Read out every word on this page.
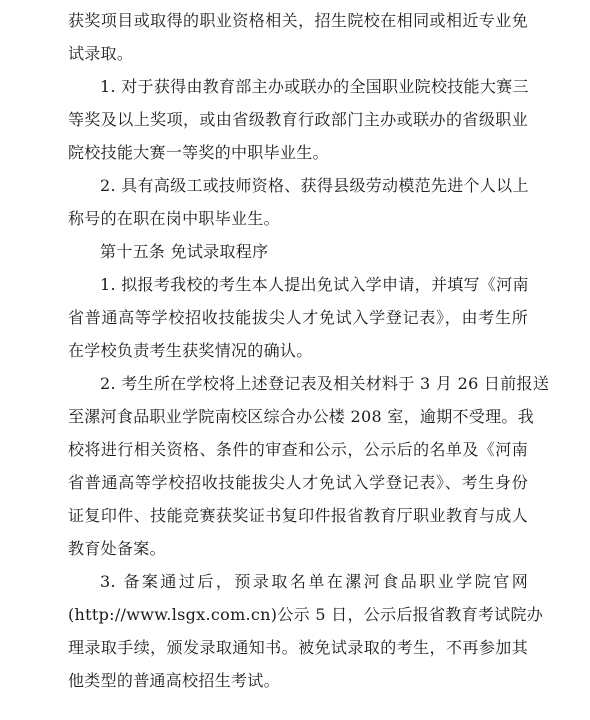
获奖项目或取得的职业资格相关，招生院校在相同或相近专业免
试录取。
1. 对于获得由教育部主办或联办的全国职业院校技能大赛三
等奖及以上奖项，或由省级教育行政部门主办或联办的省级职业
院校技能大赛一等奖的中职毕业生。
2. 具有高级工或技师资格、获得县级劳动模范先进个人以上
称号的在职在岗中职毕业生。
第十五条 免试录取程序
1. 拟报考我校的考生本人提出免试入学申请，并填写《河南
省普通高等学校招收技能拔尖人才免试入学登记表》，由考生所
在学校负责考生获奖情况的确认。
2. 考生所在学校将上述登记表及相关材料于 3 月 26 日前报送
至漯河食品职业学院南校区综合办公楼 208 室，逾期不受理。我
校将进行相关资格、条件的审查和公示，公示后的名单及《河南
省普通高等学校招收技能拔尖人才免试入学登记表》、考生身份
证复印件、技能竞赛获奖证书复印件报省教育厅职业教育与成人
教育处备案。
3. 备案通过后，预录取名单在漯河食品职业学院官网
(http://www.lsgx.com.cn)公示 5 日，公示后报省教育考试院办
理录取手续，颁发录取通知书。被免试录取的考生，不再参加其
他类型的普通高校招生考试。
